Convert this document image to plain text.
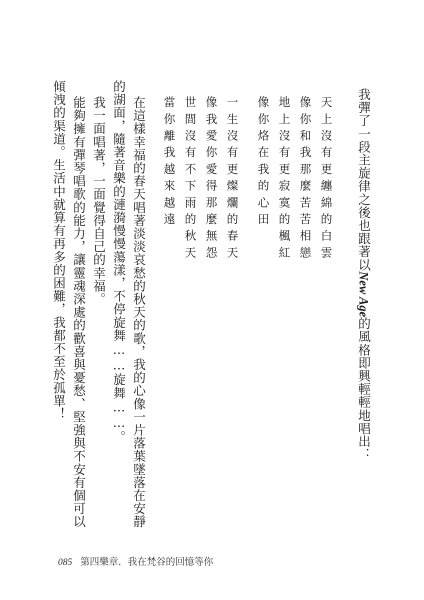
我彈了一段主旋律之後也跟著以New Age的風格即興輕輕地唱出：
天上沒有更纏綿的白雲
像你和我那麼苦苦相戀
地上沒有更寂寞的楓紅
像你烙在我的心田
一生沒有更燦爛的春天
像我愛你愛得那麼無怨
世間沒有不下雨的秋天
當你離我越來越遠
在這樣幸福的春天唱著淡淡哀愁的秋天的歌，我的心像一片落葉墜落在安靜
的湖面，隨著音樂的漣漪慢慢蕩漾，不停旋舞……旋舞……。
我一面唱著，一面覺得自己的幸福。
能夠擁有彈琴唱歌的能力，讓靈魂深處的歡喜與憂愁、堅強與不安有個可以
傾洩的渠道。生活中就算有再多的困難，我都不至於孤單！
085 第四樂章．我在梵谷的回憶等你
